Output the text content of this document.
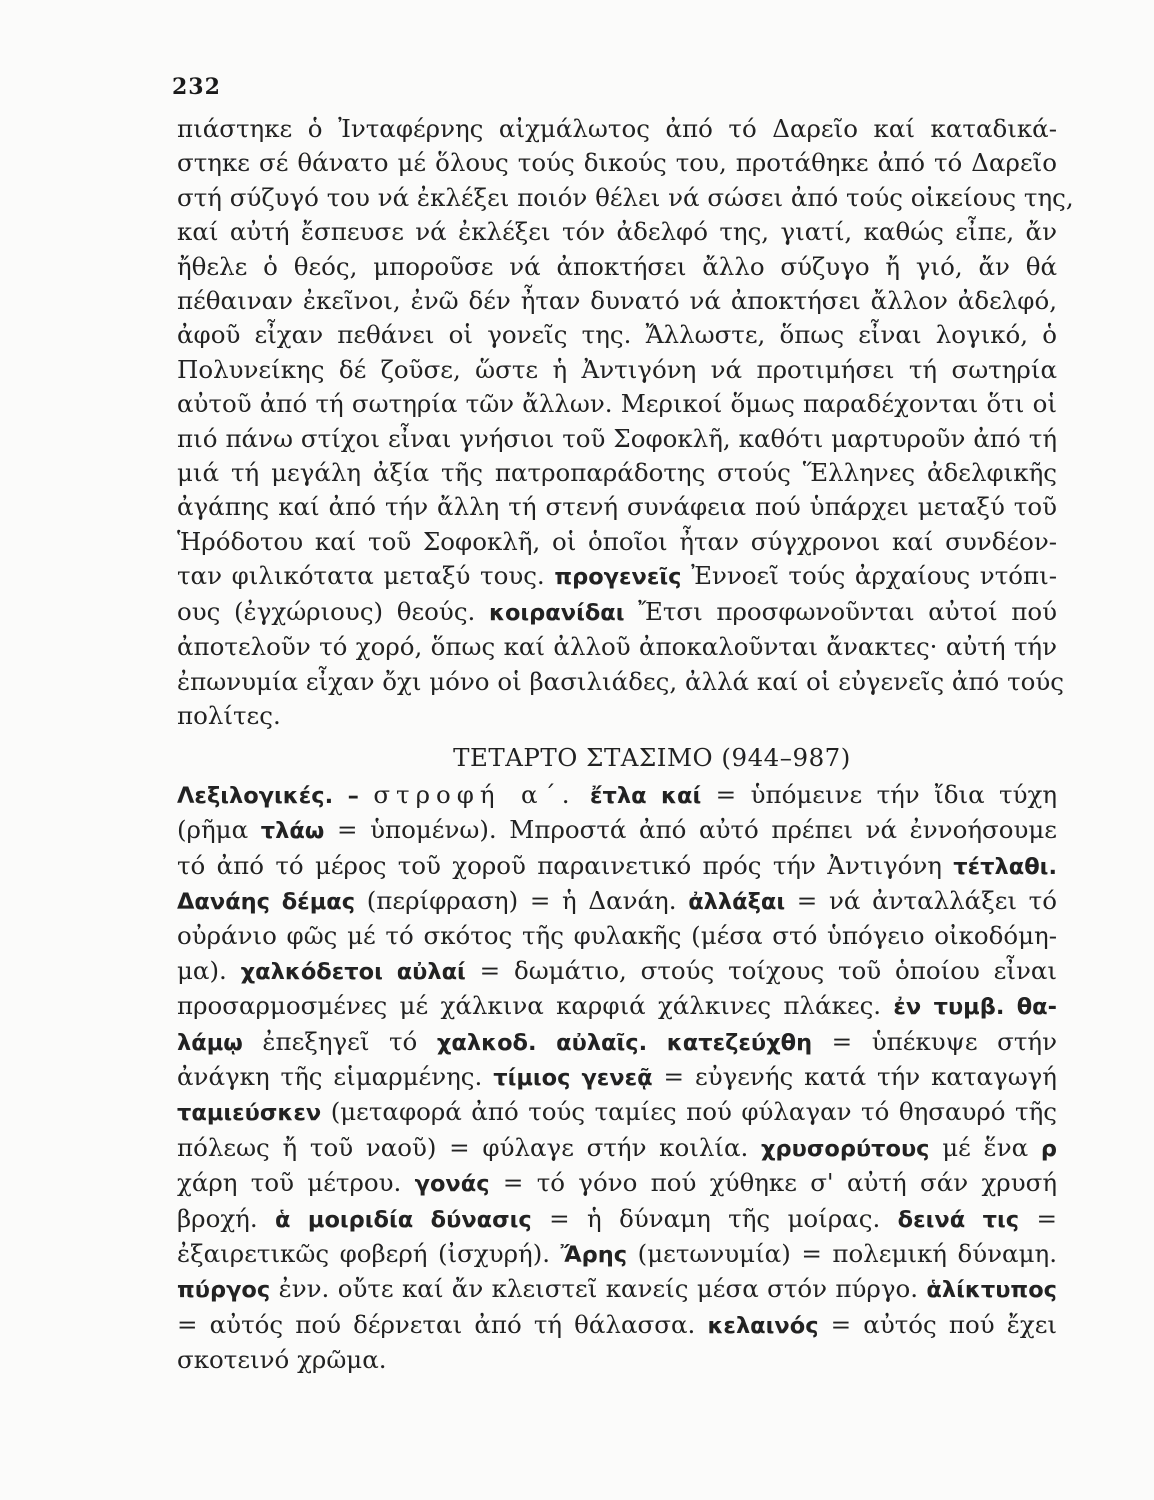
232
πιάστηκε ὁ Ἰνταφέρνης αἰχμάλωτος ἀπό τό Δαρεῖο καί καταδικά-
στηκε σέ θάνατο μέ ὅλους τούς δικούς του, προτάθηκε ἀπό τό Δαρεῖο
στή σύζυγό του νά ἐκλέξει ποιόν θέλει νά σώσει ἀπό τούς οἰκείους της,
καί αὐτή ἔσπευσε νά ἐκλέξει τόν ἀδελφό της, γιατί, καθώς εἶπε, ἄν
ἤθελε ὁ θεός, μποροῦσε νά ἀποκτήσει ἄλλο σύζυγο ἤ γιό, ἄν θά
πέθαιναν ἐκεῖνοι, ἐνῶ δέν ἦταν δυνατό νά ἀποκτήσει ἄλλον ἀδελφό,
ἀφοῦ εἶχαν πεθάνει οἱ γονεῖς της. Ἄλλωστε, ὅπως εἶναι λογικό, ὁ
Πολυνείκης δέ ζοῦσε, ὥστε ἡ Ἀντιγόνη νά προτιμήσει τή σωτηρία
αὐτοῦ ἀπό τή σωτηρία τῶν ἄλλων. Μερικοί ὅμως παραδέχονται ὅτι οἱ
πιό πάνω στίχοι εἶναι γνήσιοι τοῦ Σοφοκλῆ, καθότι μαρτυροῦν ἀπό τή
μιά τή μεγάλη ἀξία τῆς πατροπαράδοτης στούς Ἕλληνες ἀδελφικῆς
ἀγάπης καί ἀπό τήν ἄλλη τή στενή συνάφεια πού ὑπάρχει μεταξύ τοῦ
Ἡρόδοτου καί τοῦ Σοφοκλῆ, οἱ ὁποῖοι ἦταν σύγχρονοι καί συνδέον-
ταν φιλικότατα μεταξύ τους. προγενεῖς Ἐννοεῖ τούς ἀρχαίους ντόπι-
ους (ἐγχώριους) θεούς. κοιρανίδαι Ἔτσι προσφωνοῦνται αὐτοί πού
ἀποτελοῦν τό χορό, ὅπως καί ἀλλοῦ ἀποκαλοῦνται ἄνακτες· αὐτή τήν
ἐπωνυμία εἶχαν ὄχι μόνο οἱ βασιλιάδες, ἀλλά καί οἱ εὐγενεῖς ἀπό τούς
πολίτες.
ΤΕΤΑΡΤΟ ΣΤΑΣΙΜΟ (944–987)
Λεξιλογικές. – στροφή α΄. ἔτλα καί = ὑπόμεινε τήν ἴδια τύχη
(ρῆμα τλάω = ὑπομένω). Μπροστά ἀπό αὐτό πρέπει νά ἐννοήσουμε
τό ἀπό τό μέρος τοῦ χοροῦ παραινετικό πρός τήν Ἀντιγόνη τέτλαθι.
Δανάης δέμας (περίφραση) = ἡ Δανάη. ἀλλάξαι = νά ἀνταλλάξει τό
οὐράνιο φῶς μέ τό σκότος τῆς φυλακῆς (μέσα στό ὑπόγειο οἰκοδόμη-
μα). χαλκόδετοι αὐλαί = δωμάτιο, στούς τοίχους τοῦ ὁποίου εἶναι
προσαρμοσμένες μέ χάλκινα καρφιά χάλκινες πλάκες. ἐν τυμβ. θα-
λάμῳ ἐπεξηγεῖ τό χαλκοδ. αὐλαῖς. κατεζεύχθη = ὑπέκυψε στήν
ἀνάγκη τῆς εἱμαρμένης. τίμιος γενεᾷ = εὐγενής κατά τήν καταγωγή
ταμιεύσκεν (μεταφορά ἀπό τούς ταμίες πού φύλαγαν τό θησαυρό τῆς
πόλεως ἤ τοῦ ναοῦ) = φύλαγε στήν κοιλία. χρυσορύτους μέ ἕνα ρ
χάρη τοῦ μέτρου. γονάς = τό γόνο πού χύθηκε σ' αὐτή σάν χρυσή
βροχή. ἁ μοιριδία δύνασις = ἡ δύναμη τῆς μοίρας. δεινά τις =
ἐξαιρετικῶς φοβερή (ἰσχυρή). Ἄρης (μετωνυμία) = πολεμική δύναμη.
πύργος ἐνν. οὔτε καί ἄν κλειστεῖ κανείς μέσα στόν πύργο. ἁλίκτυπος
= αὐτός πού δέρνεται ἀπό τή θάλασσα. κελαινός = αὐτός πού ἔχει
σκοτεινό χρῶμα.
